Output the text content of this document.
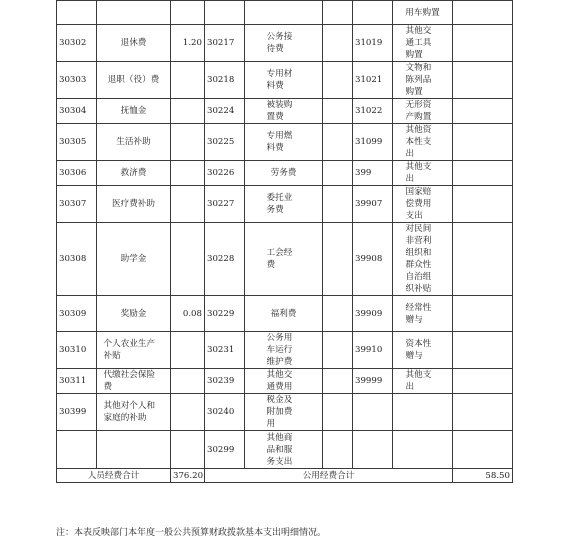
							用车购置	
30302	退休费	1.20	30217	公务接待费		31019	其他交通工具购置	
30303	退职（役）费		30218	专用材料费		31021	文物和陈列品购置	
30304	抚恤金		30224	被装购置费		31022	无形资产购置	
30305	生活补助		30225	专用燃料费		31099	其他资本性支出	
30306	救济费		30226	劳务费		399	其他支出	
30307	医疗费补助		30227	委托业务费		39907	国家赔偿费用支出	
30308	助学金		30228	工会经费		39908	对民间非营利组织和群众性自治组织补贴	
30309	奖励金	0.08	30229	福利费		39909	经常性赠与	
30310	个人农业生产补贴		30231	公务用车运行维护费		39910	资本性赠与	
30311	代缴社会保险费		30239	其他交通费用		39999	其他支出	
30399	其他对个人和家庭的补助		30240	税金及附加费用				
			30299	其他商品和服务支出				
人员经费合计		376.20	公用经费合计					58.50
注：本表反映部门本年度一般公共预算财政拨款基本支出明细情况。
